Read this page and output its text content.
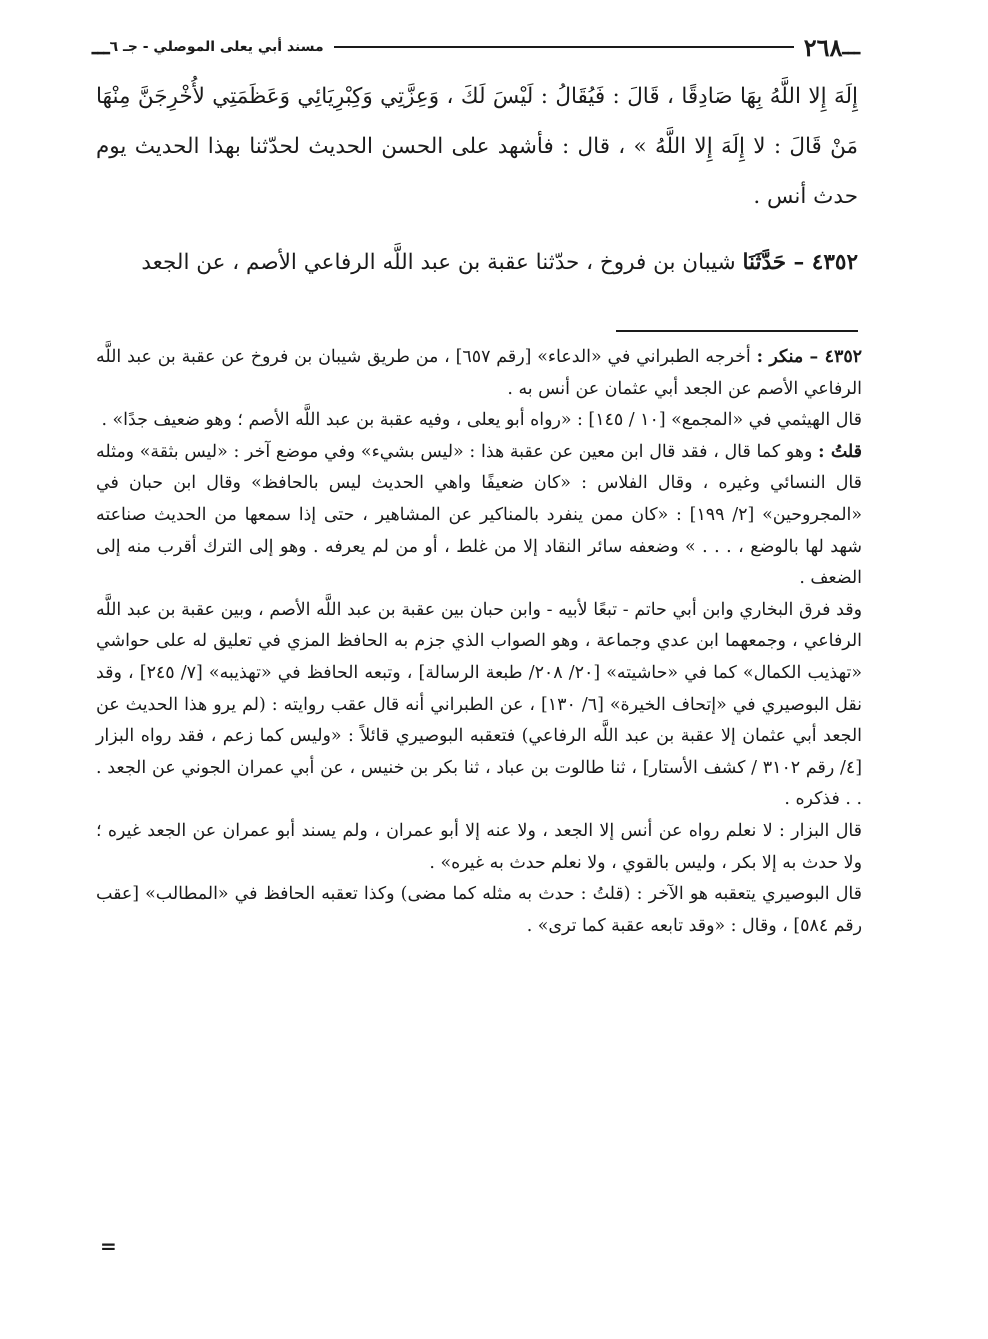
ـــ
٢٦٨
مسند أبي يعلى الموصلي - جـ ٦
ـــ

إِلَهَ إِلا اللَّهُ بِهَا صَادِقًا ، قَالَ : فَيُقَالُ : لَيْسَ لَكَ ، وَعِزَّتِي وَكِبْرِيَائِي وَعَظَمَتِي لأُخْرِجَنَّ مِنْهَا مَنْ قَالَ : لا إِلَهَ إِلا اللَّهُ » ، قال : فأشهد على الحسن الحديث لحدّثنا بهذا الحديث يوم حدث أنس .

٤٣٥٢ – حَدَّثَنَا شيبان بن فروخ ، حدّثنا عقبة بن عبد اللَّه الرفاعي الأصم ، عن الجعد

٤٣٥٢ – منكر : أخرجه الطبراني في «الدعاء» [رقم ٦٥٧] ، من طريق شيبان بن فروخ عن عقبة بن عبد اللَّه الرفاعي الأصم عن الجعد أبي عثمان عن أنس به .

قال الهيثمي في «المجمع» [١٠ / ١٤٥] : «رواه أبو يعلى ، وفيه عقبة بن عبد اللَّه الأصم ؛ وهو ضعيف جدًا» .

قلتُ : وهو كما قال ، فقد قال ابن معين عن عقبة هذا : «ليس بشيء» وفي موضع آخر : «ليس بثقة» ومثله قال النسائي وغيره ، وقال الفلاس : «كان ضعيفًا واهي الحديث ليس بالحافظ» وقال ابن حبان في «المجروحين» [٢/ ١٩٩] : «كان ممن ينفرد بالمناكير عن المشاهير ، حتى إذا سمعها من الحديث صناعته شهد لها بالوضع ، . . . » وضعفه سائر النقاد إلا من غلط ، أو من لم يعرفه . وهو إلى الترك أقرب منه إلى الضعف .

وقد فرق البخاري وابن أبي حاتم - تبعًا لأبيه - وابن حبان بين عقبة بن عبد اللَّه الأصم ، وبين عقبة بن عبد اللَّه الرفاعي ، وجمعهما ابن عدي وجماعة ، وهو الصواب الذي جزم به الحافظ المزي في تعليق له على حواشي «تهذيب الكمال» كما في «حاشيته» [٢٠/ ٢٠٨/ طبعة الرسالة] ، وتبعه الحافظ في «تهذيبه» [٧/ ٢٤٥] ، وقد نقل البوصيري في «إتحاف الخيرة» [٦/ ١٣٠] ، عن الطبراني أنه قال عقب روايته : (لم يرو هذا الحديث عن الجعد أبي عثمان إلا عقبة بن عبد اللَّه الرفاعي) فتعقبه البوصيري قائلاً : «وليس كما زعم ، فقد رواه البزار [٤/ رقم ٣١٠٢ / كشف الأستار] ، ثنا طالوت بن عباد ، ثنا بكر بن خنيس ، عن أبي عمران الجوني عن الجعد . . . فذكره .

قال البزار : لا نعلم رواه عن أنس إلا الجعد ، ولا عنه إلا أبو عمران ، ولم يسند أبو عمران عن الجعد غيره ؛ ولا حدث به إلا بكر ، وليس بالقوي ، ولا نعلم حدث به غيره» .

قال البوصيري يتعقبه هو الآخر : (قلتُ : حدث به مثله كما مضى) وكذا تعقبه الحافظ في «المطالب» [عقب رقم ٥٨٤] ، وقال : «وقد تابعه عقبة كما ترى» .

=
